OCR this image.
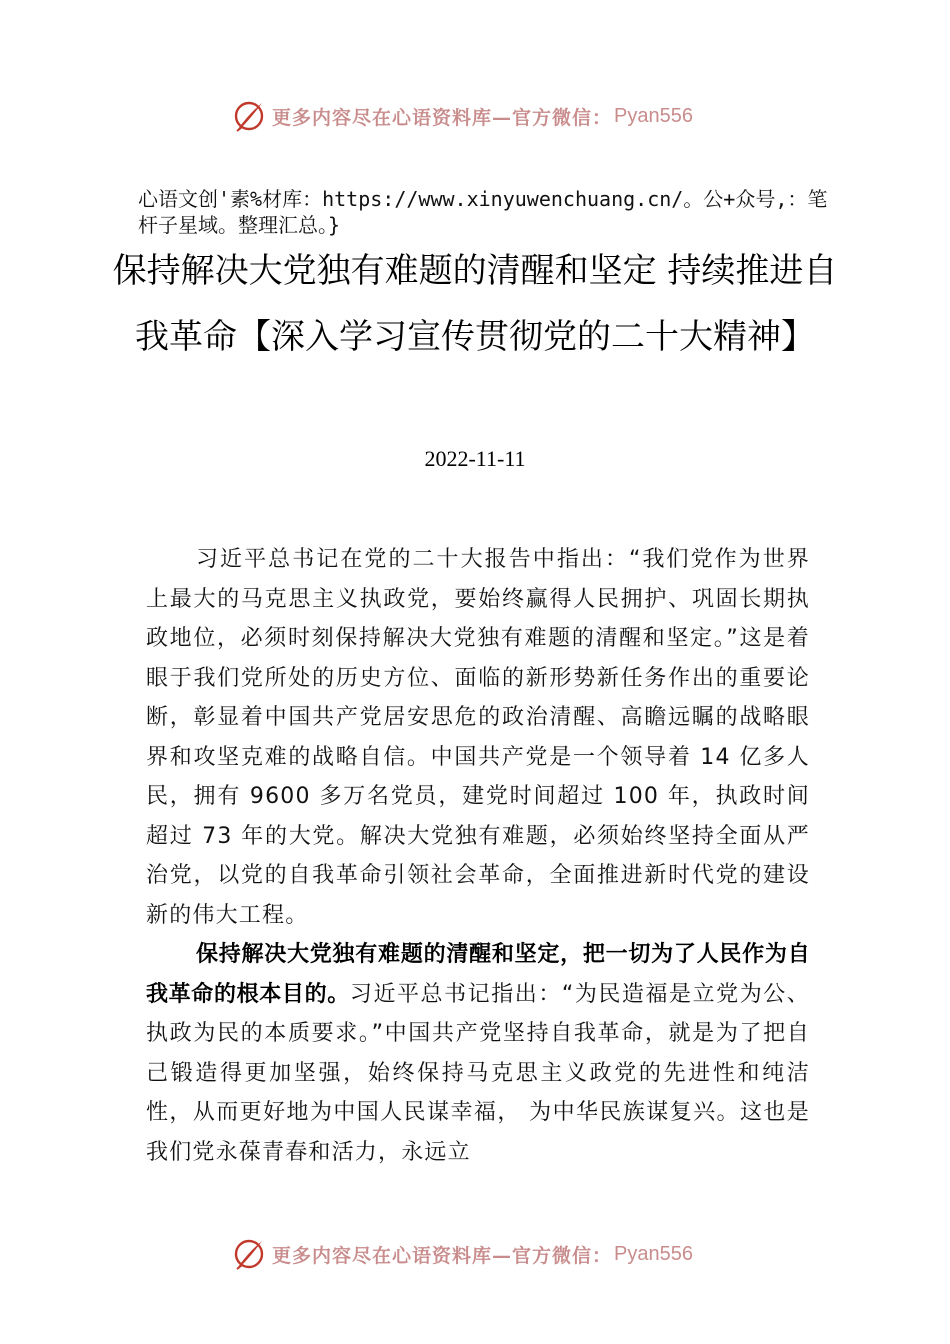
更多内容尽在心语资料库—官方微信： Pyan556
心语文创'素%材库：https://www.xinyuwenchuang.cn/。公+众号,：笔杆子星域。整理汇总。}
保持解决大党独有难题的清醒和坚定 持续推进自我革命【深入学习宣传贯彻党的二十大精神】
2022-11-11

习近平总书记在党的二十大报告中指出：“我们党作为世界上最大的马克思主义执政党，要始终赢得人民拥护、巩固长期执政地位，必须时刻保持解决大党独有难题的清醒和坚定。”这是着眼于我们党所处的历史方位、面临的新形势新任务作出的重要论断，彰显着中国共产党居安思危的政治清醒、高瞻远瞩的战略眼界和攻坚克难的战略自信。中国共产党是一个领导着 14 亿多人民，拥有 9600 多万名党员，建党时间超过 100 年，执政时间超过 73 年的大党。解决大党独有难题，必须始终坚持全面从严治党，以党的自我革命引领社会革命，全面推进新时代党的建设新的伟大工程。

保持解决大党独有难题的清醒和坚定，把一切为了人民作为自我革命的根本目的。习近平总书记指出：“为民造福是立党为公、执政为民的本质要求。”中国共产党坚持自我革命，就是为了把自己锻造得更加坚强，始终保持马克思主义政党的先进性和纯洁性，从而更好地为中国人民谋幸福， 为中华民族谋复兴。这也是我们党永葆青春和活力，永远立

更多内容尽在心语资料库—官方微信： Pyan556
